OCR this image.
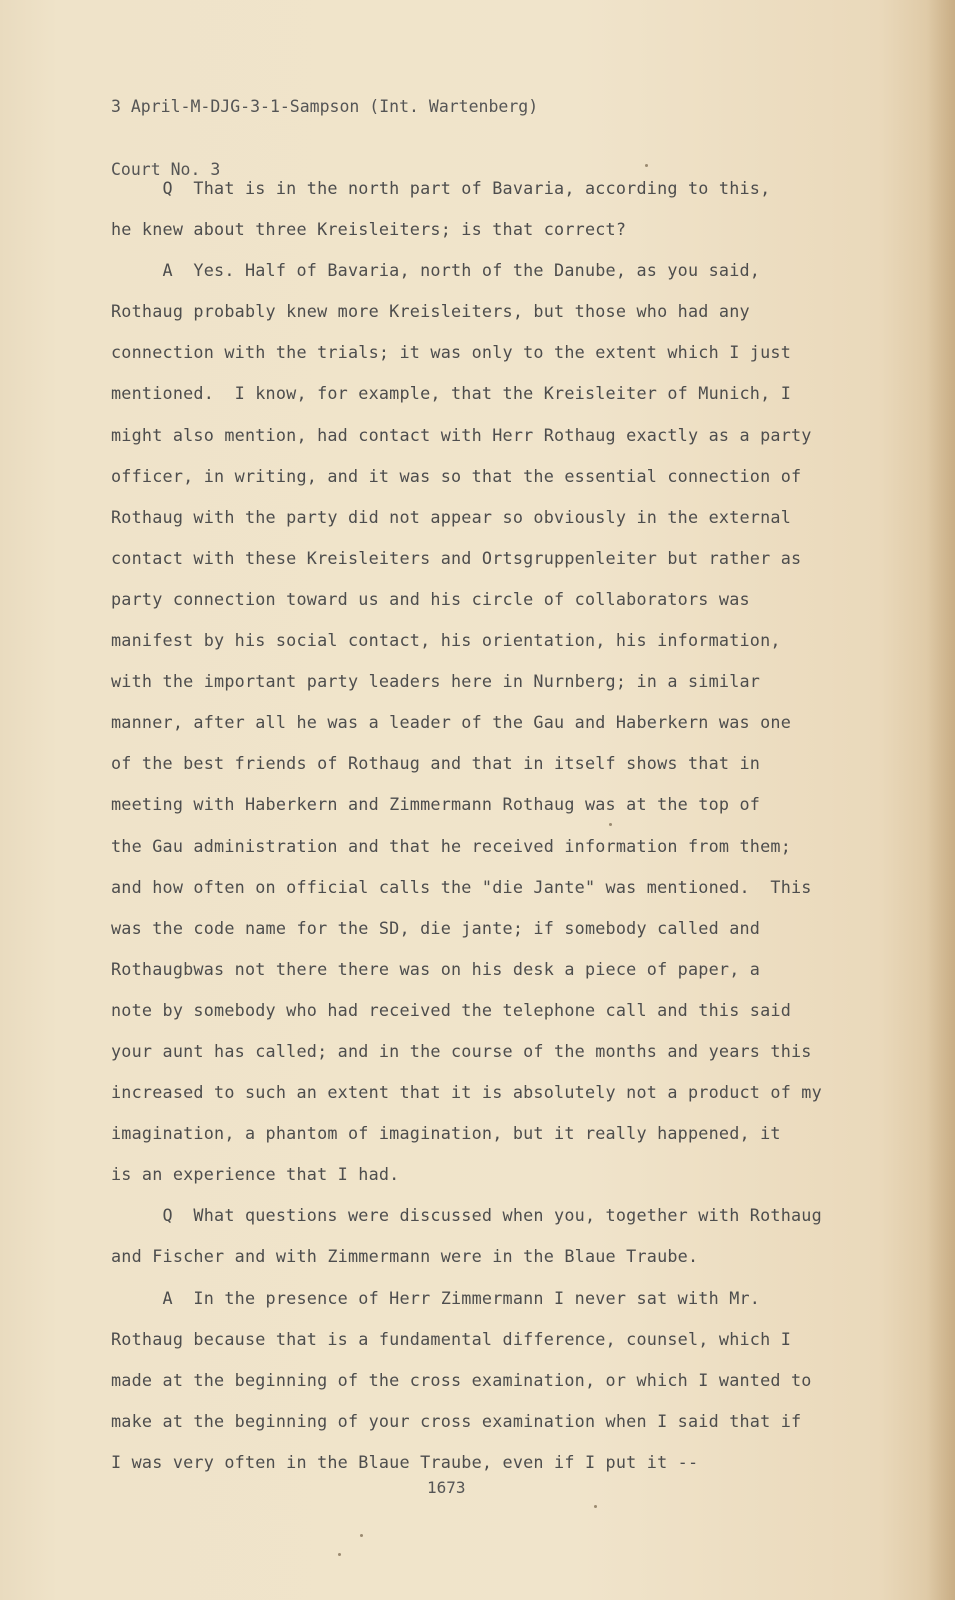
3 April-M-DJG-3-1-Sampson (Int. Wartenberg)

Court No. 3

Q  That is in the north part of Bavaria, according to this,
he knew about three Kreisleiters; is that correct?
A  Yes. Half of Bavaria, north of the Danube, as you said,
Rothaug probably knew more Kreisleiters, but those who had any
connection with the trials; it was only to the extent which I just
mentioned.  I know, for example, that the Kreisleiter of Munich, I
might also mention, had contact with Herr Rothaug exactly as a party
officer, in writing, and it was so that the essential connection of
Rothaug with the party did not appear so obviously in the external
contact with these Kreisleiters and Ortsgruppenleiter but rather as
party connection toward us and his circle of collaborators was
manifest by his social contact, his orientation, his information,
with the important party leaders here in Nurnberg; in a similar
manner, after all he was a leader of the Gau and Haberkern was one
of the best friends of Rothaug and that in itself shows that in
meeting with Haberkern and Zimmermann Rothaug was at the top of
the Gau administration and that he received information from them;
and how often on official calls the "die Jante" was mentioned.  This
was the code name for the SD, die jante; if somebody called and
Rothaugbwas not there there was on his desk a piece of paper, a
note by somebody who had received the telephone call and this said
your aunt has called; and in the course of the months and years this
increased to such an extent that it is absolutely not a product of my
imagination, a phantom of imagination, but it really happened, it
is an experience that I had.
Q  What questions were discussed when you, together with Rothaug
and Fischer and with Zimmermann were in the Blaue Traube.
A  In the presence of Herr Zimmermann I never sat with Mr.
Rothaug because that is a fundamental difference, counsel, which I
made at the beginning of the cross examination, or which I wanted to
make at the beginning of your cross examination when I said that if
I was very often in the Blaue Traube, even if I put it --
1673
